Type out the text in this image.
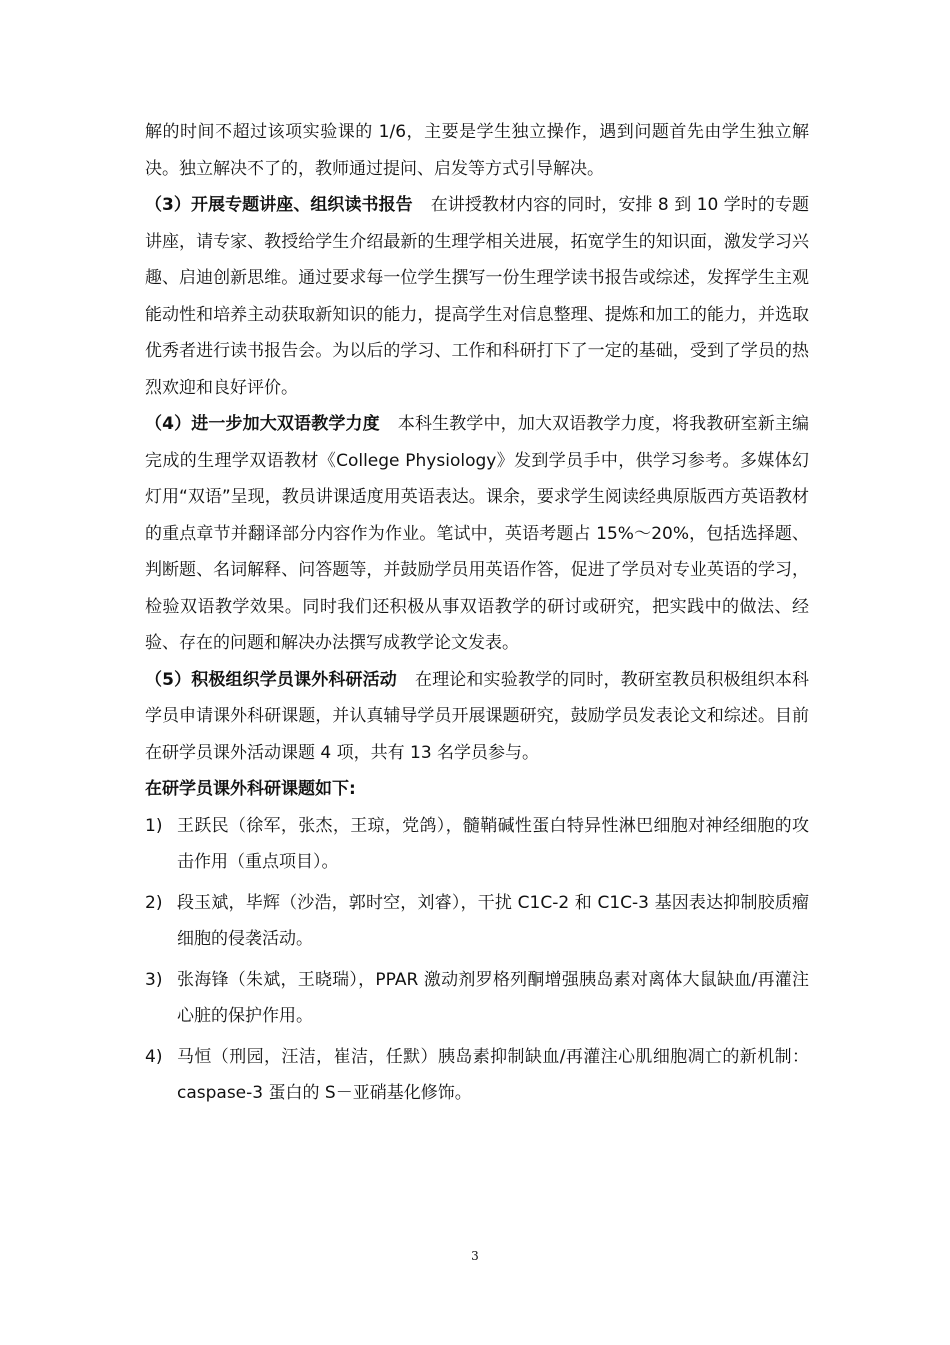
解的时间不超过该项实验课的 1/6，主要是学生独立操作，遇到问题首先由学生独立解决。独立解决不了的，教师通过提问、启发等方式引导解决。

（3）开展专题讲座、组织读书报告 在讲授教材内容的同时，安排 8 到 10 学时的专题讲座，请专家、教授给学生介绍最新的生理学相关进展，拓宽学生的知识面，激发学习兴趣、启迪创新思维。通过要求每一位学生撰写一份生理学读书报告或综述，发挥学生主观能动性和培养主动获取新知识的能力，提高学生对信息整理、提炼和加工的能力，并选取优秀者进行读书报告会。为以后的学习、工作和科研打下了一定的基础，受到了学员的热烈欢迎和良好评价。

（4）进一步加大双语教学力度 本科生教学中，加大双语教学力度，将我教研室新主编完成的生理学双语教材《College Physiology》发到学员手中，供学习参考。多媒体幻灯用“双语”呈现，教员讲课适度用英语表达。课余，要求学生阅读经典原版西方英语教材的重点章节并翻译部分内容作为作业。笔试中，英语考题占 15%～20%，包括选择题、判断题、名词解释、问答题等，并鼓励学员用英语作答，促进了学员对专业英语的学习，检验双语教学效果。同时我们还积极从事双语教学的研讨或研究，把实践中的做法、经验、存在的问题和解决办法撰写成教学论文发表。

（5）积极组织学员课外科研活动 在理论和实验教学的同时，教研室教员积极组织本科学员申请课外科研课题，并认真辅导学员开展课题研究，鼓励学员发表论文和综述。目前在研学员课外活动课题 4 项，共有 13 名学员参与。

在研学员课外科研课题如下:

1) 王跃民（徐军，张杰，王琼，党鸽），髓鞘碱性蛋白特异性淋巴细胞对神经细胞的攻击作用（重点项目）。
2) 段玉斌，毕辉（沙浩，郭时空，刘睿），干扰 C1C-2 和 C1C-3 基因表达抑制胶质瘤细胞的侵袭活动。
3) 张海锋（朱斌，王晓瑞），PPAR 激动剂罗格列酮增强胰岛素对离体大鼠缺血/再灌注心脏的保护作用。
4) 马恒（刑园，汪洁，崔洁，任默）胰岛素抑制缺血/再灌注心肌细胞凋亡的新机制：caspase-3 蛋白的 S－亚硝基化修饰。
3
